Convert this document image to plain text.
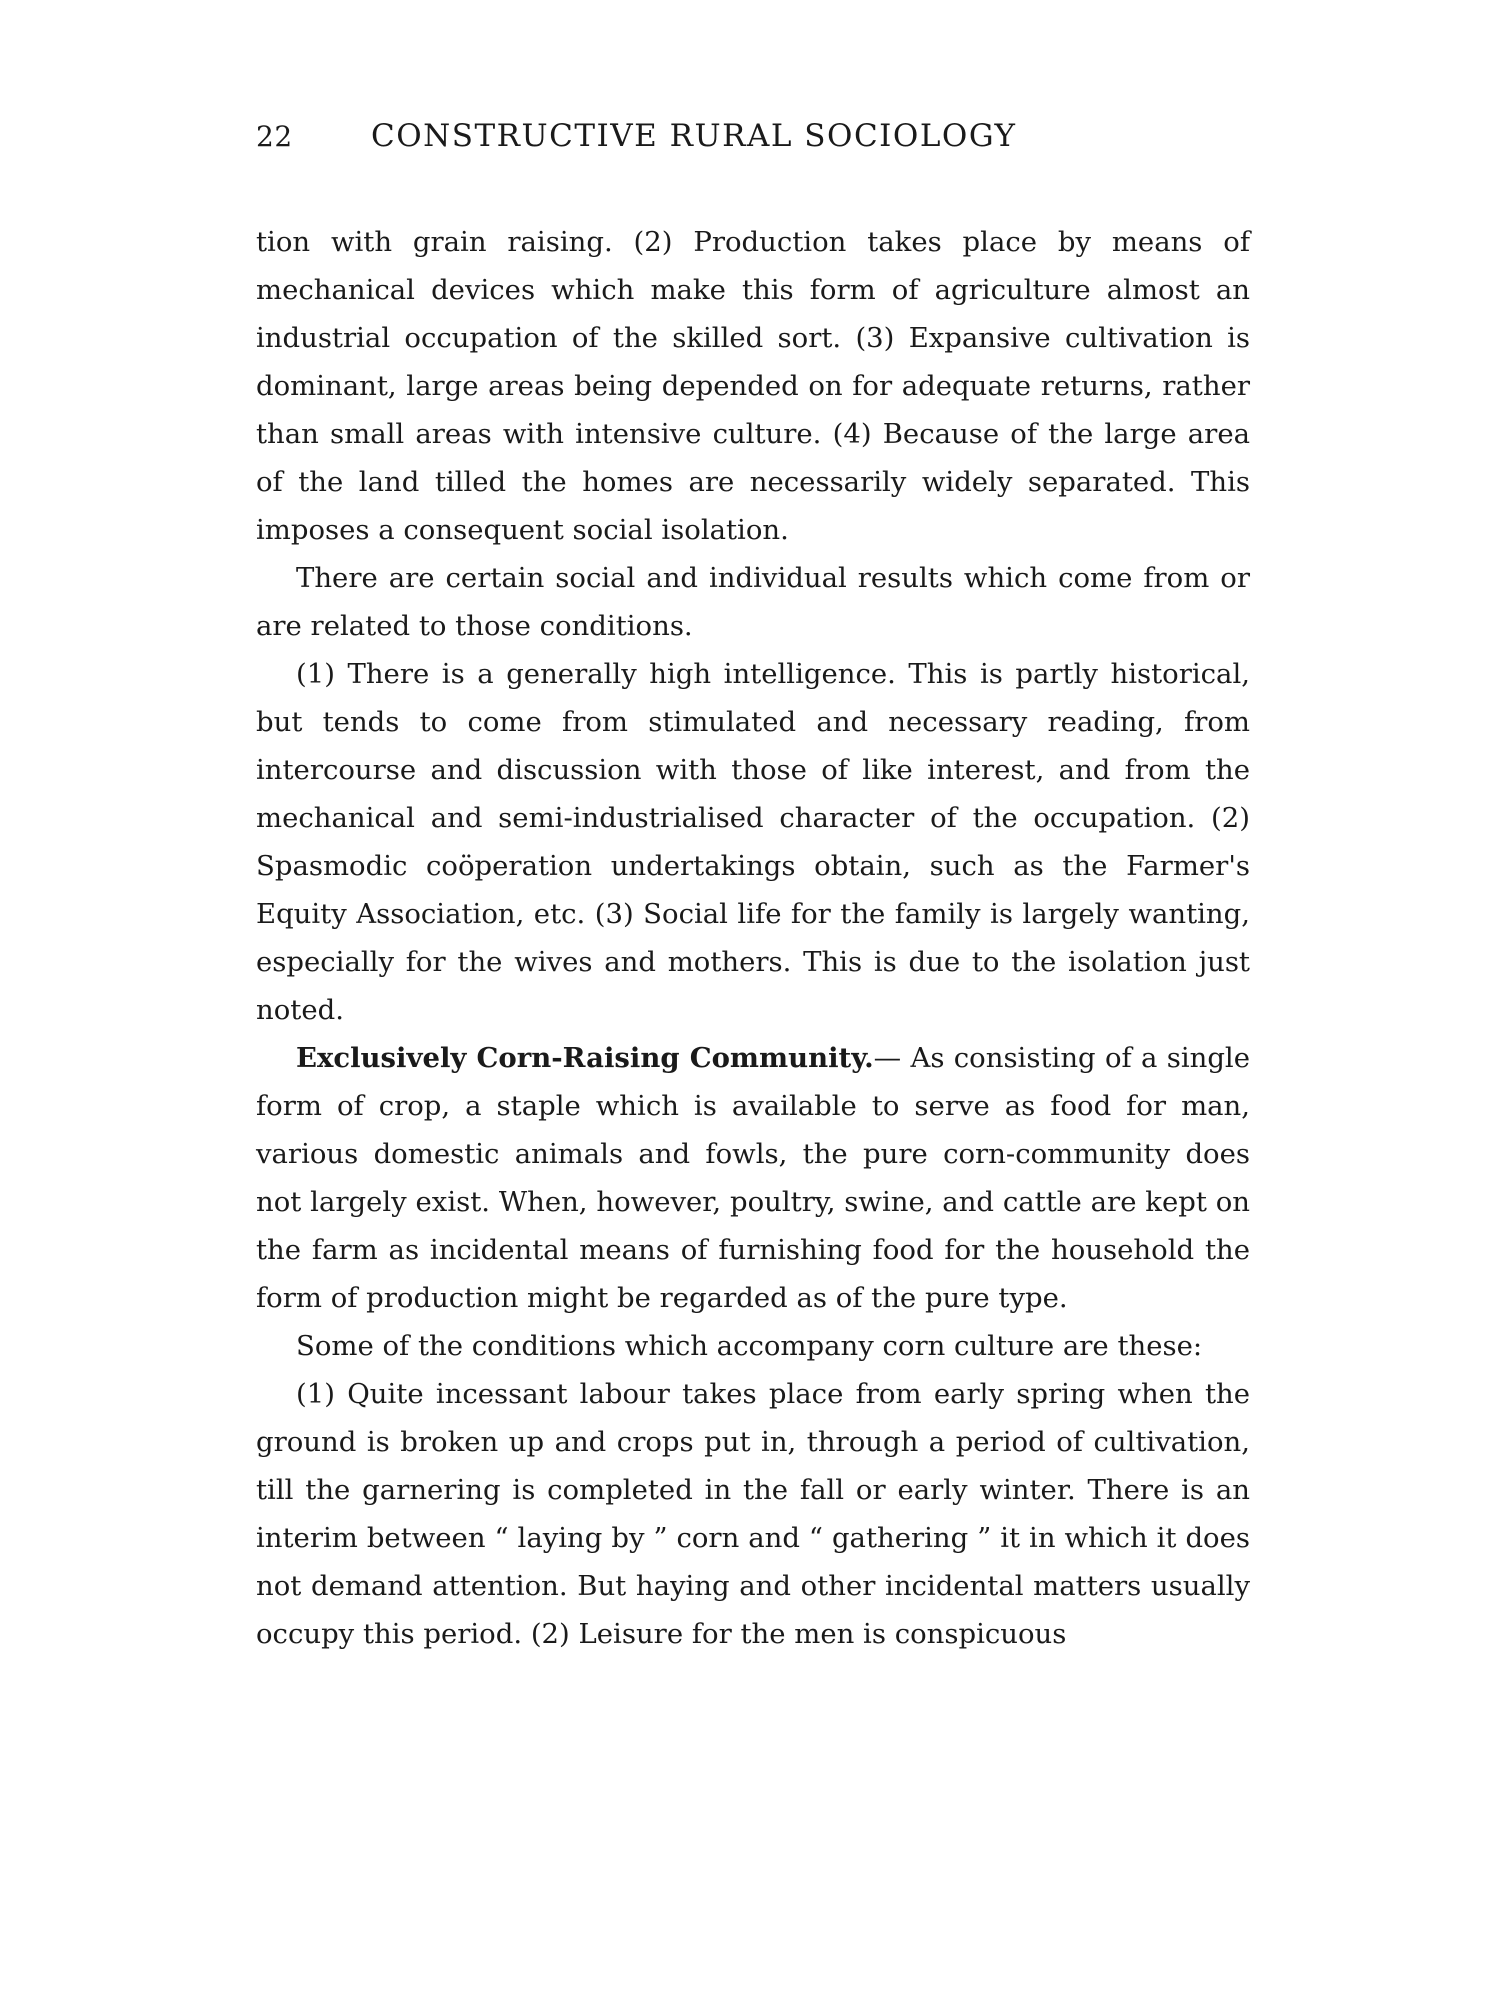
22	CONSTRUCTIVE RURAL SOCIOLOGY

tion with grain raising. (2) Production takes place by means of mechanical devices which make this form of agriculture almost an industrial occupation of the skilled sort. (3) Expansive cultivation is dominant, large areas being depended on for adequate returns, rather than small areas with intensive culture. (4) Because of the large area of the land tilled the homes are necessarily widely separated. This imposes a consequent social isolation.

There are certain social and individual results which come from or are related to those conditions.

(1) There is a generally high intelligence. This is partly historical, but tends to come from stimulated and necessary reading, from intercourse and discussion with those of like interest, and from the mechanical and semi-industrialised character of the occupation. (2) Spasmodic coöperation undertakings obtain, such as the Farmer's Equity Association, etc. (3) Social life for the family is largely wanting, especially for the wives and mothers. This is due to the isolation just noted.

Exclusively Corn-Raising Community.— As consisting of a single form of crop, a staple which is available to serve as food for man, various domestic animals and fowls, the pure corn-community does not largely exist. When, however, poultry, swine, and cattle are kept on the farm as incidental means of furnishing food for the household the form of production might be regarded as of the pure type.

Some of the conditions which accompany corn culture are these:

(1) Quite incessant labour takes place from early spring when the ground is broken up and crops put in, through a period of cultivation, till the garnering is completed in the fall or early winter. There is an interim between “ laying by ” corn and “ gathering ” it in which it does not demand attention. But haying and other incidental matters usually occupy this period. (2) Leisure for the men is conspicuous
